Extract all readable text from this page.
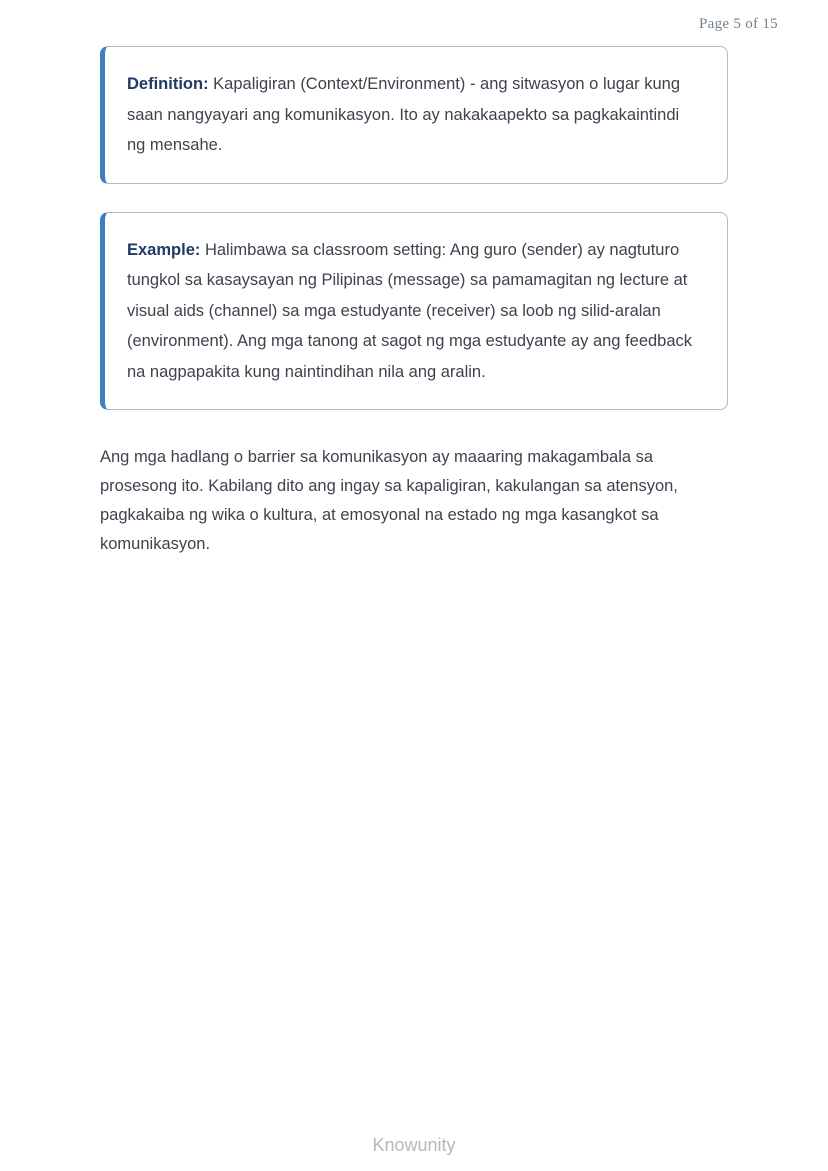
Page 5 of 15

Definition: Kapaligiran (Context/Environment) - ang sitwasyon o lugar kung saan nangyayari ang komunikasyon. Ito ay nakakaapekto sa pagkakaintindi ng mensahe.

Example: Halimbawa sa classroom setting: Ang guro (sender) ay nagtuturo tungkol sa kasaysayan ng Pilipinas (message) sa pamamagitan ng lecture at visual aids (channel) sa mga estudyante (receiver) sa loob ng silid-aralan (environment). Ang mga tanong at sagot ng mga estudyante ay ang feedback na nagpapakita kung naintindihan nila ang aralin.

Ang mga hadlang o barrier sa komunikasyon ay maaaring makagambala sa prosesong ito. Kabilang dito ang ingay sa kapaligiran, kakulangan sa atensyon, pagkakaiba ng wika o kultura, at emosyonal na estado ng mga kasangkot sa komunikasyon.

Knowunity
